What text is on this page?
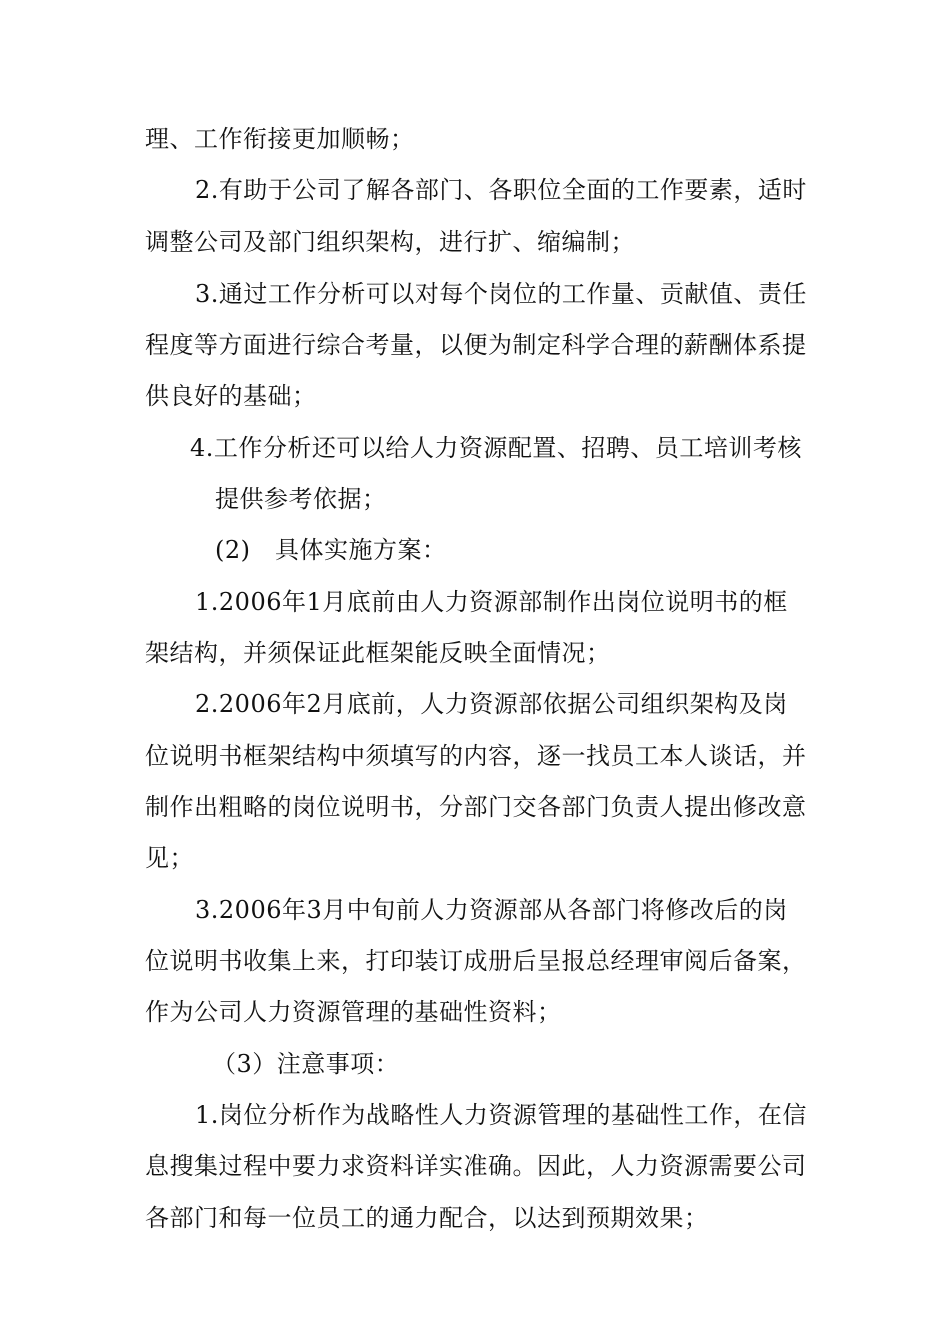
理、工作衔接更加顺畅；
2.有助于公司了解各部门、各职位全面的工作要素，适时
调整公司及部门组织架构，进行扩、缩编制；
3.通过工作分析可以对每个岗位的工作量、贡献值、责任
程度等方面进行综合考量，以便为制定科学合理的薪酬体系提
供良好的基础；
4.工作分析还可以给人力资源配置、招聘、员工培训考核
提供参考依据；
(2)　具体实施方案：
1.2006年1月底前由人力资源部制作出岗位说明书的框
架结构，并须保证此框架能反映全面情况；
2.2006年2月底前，人力资源部依据公司组织架构及岗
位说明书框架结构中须填写的内容，逐一找员工本人谈话，并
制作出粗略的岗位说明书，分部门交各部门负责人提出修改意
见；
3.2006年3月中旬前人力资源部从各部门将修改后的岗
位说明书收集上来，打印装订成册后呈报总经理审阅后备案，
作为公司人力资源管理的基础性资料；
（3）注意事项：
1.岗位分析作为战略性人力资源管理的基础性工作，在信
息搜集过程中要力求资料详实准确。因此，人力资源需要公司
各部门和每一位员工的通力配合，以达到预期效果；
